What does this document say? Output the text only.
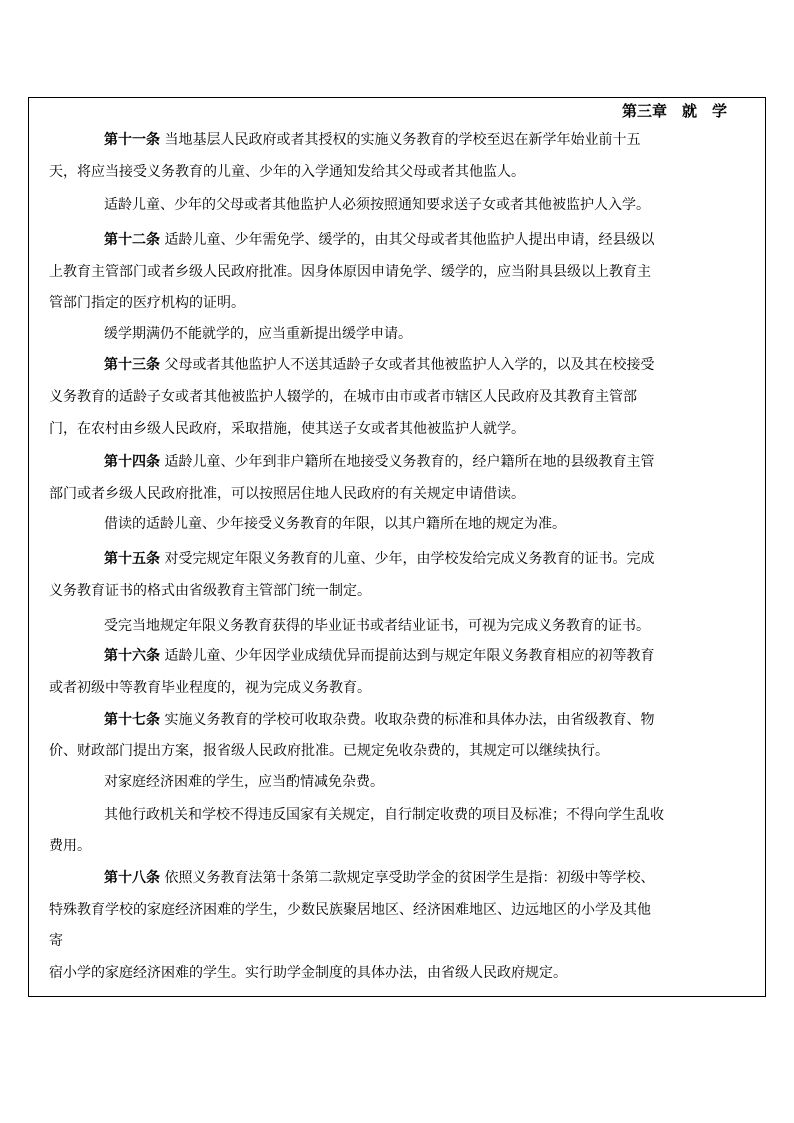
第三章　就　学
第十一条 当地基层人民政府或者其授权的实施义务教育的学校至迟在新学年始业前十五
天，将应当接受义务教育的儿童、少年的入学通知发给其父母或者其他监人。
适龄儿童、少年的父母或者其他监护人必须按照通知要求送子女或者其他被监护人入学。
第十二条 适龄儿童、少年需免学、缓学的，由其父母或者其他监护人提出申请，经县级以
上教育主管部门或者乡级人民政府批准。因身体原因申请免学、缓学的，应当附具县级以上教育主
管部门指定的医疗机构的证明。
缓学期满仍不能就学的，应当重新提出缓学申请。
第十三条 父母或者其他监护人不送其适龄子女或者其他被监护人入学的，以及其在校接受
义务教育的适龄子女或者其他被监护人辍学的，在城市由市或者市辖区人民政府及其教育主管部
门，在农村由乡级人民政府，采取措施，使其送子女或者其他被监护人就学。
第十四条 适龄儿童、少年到非户籍所在地接受义务教育的，经户籍所在地的县级教育主管
部门或者乡级人民政府批准，可以按照居住地人民政府的有关规定申请借读。
借读的适龄儿童、少年接受义务教育的年限，以其户籍所在地的规定为准。
第十五条 对受完规定年限义务教育的儿童、少年，由学校发给完成义务教育的证书。完成
义务教育证书的格式由省级教育主管部门统一制定。
受完当地规定年限义务教育获得的毕业证书或者结业证书，可视为完成义务教育的证书。
第十六条 适龄儿童、少年因学业成绩优异而提前达到与规定年限义务教育相应的初等教育
或者初级中等教育毕业程度的，视为完成义务教育。
第十七条 实施义务教育的学校可收取杂费。收取杂费的标准和具体办法，由省级教育、物
价、财政部门提出方案，报省级人民政府批准。已规定免收杂费的，其规定可以继续执行。
对家庭经济困难的学生，应当酌情减免杂费。
其他行政机关和学校不得违反国家有关规定，自行制定收费的项目及标准；不得向学生乱收
费用。
第十八条 依照义务教育法第十条第二款规定享受助学金的贫困学生是指：初级中等学校、
特殊教育学校的家庭经济困难的学生，少数民族聚居地区、经济困难地区、边远地区的小学及其他
寄
宿小学的家庭经济困难的学生。实行助学金制度的具体办法，由省级人民政府规定。
